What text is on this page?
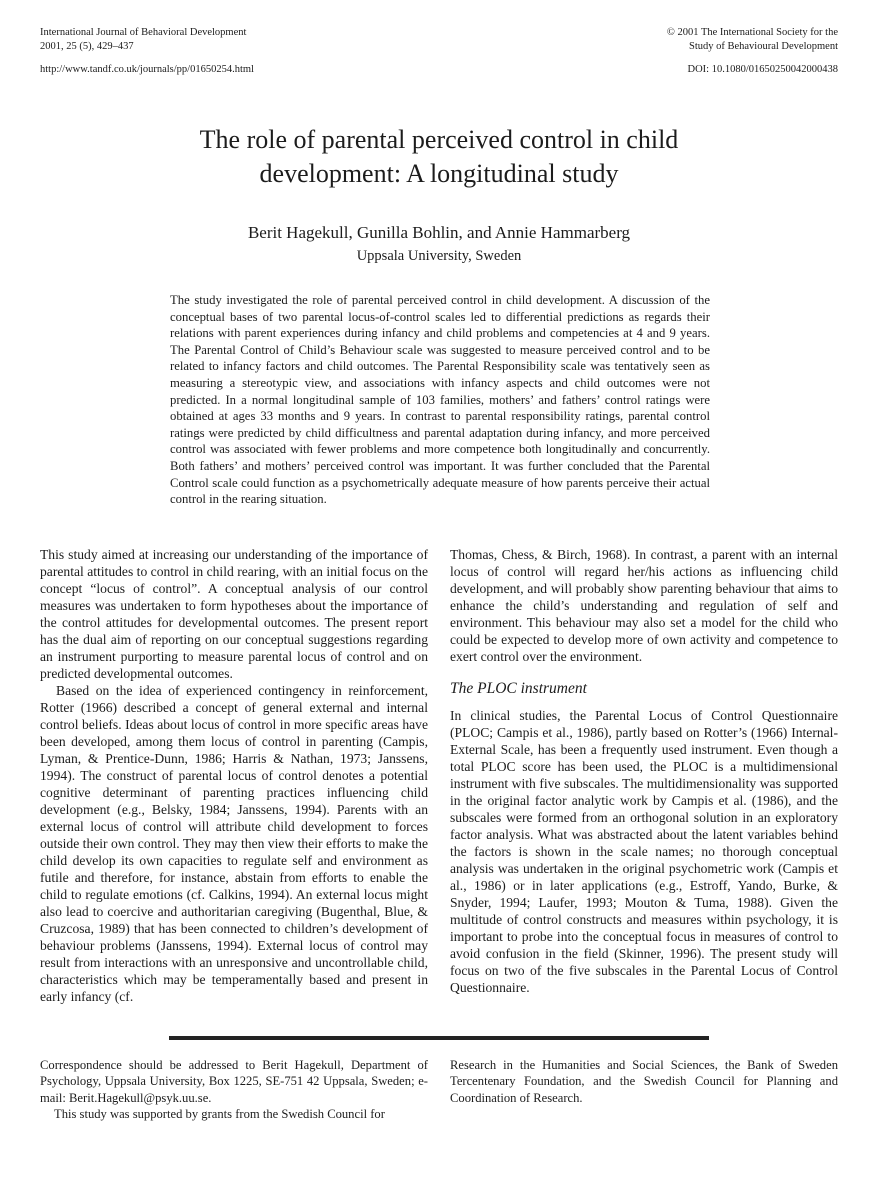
International Journal of Behavioral Development
2001, 25 (5), 429–437
http://www.tandf.co.uk/journals/pp/01650254.html
© 2001 The International Society for the
Study of Behavioural Development
DOI: 10.1080/01650250042000438
The role of parental perceived control in child development: A longitudinal study
Berit Hagekull, Gunilla Bohlin, and Annie Hammarberg
Uppsala University, Sweden
The study investigated the role of parental perceived control in child development. A discussion of the conceptual bases of two parental locus-of-control scales led to differential predictions as regards their relations with parent experiences during infancy and child problems and competencies at 4 and 9 years. The Parental Control of Child’s Behaviour scale was suggested to measure perceived control and to be related to infancy factors and child outcomes. The Parental Responsibility scale was tentatively seen as measuring a stereotypic view, and associations with infancy aspects and child outcomes were not predicted. In a normal longitudinal sample of 103 families, mothers’ and fathers’ control ratings were obtained at ages 33 months and 9 years. In contrast to parental responsibility ratings, parental control ratings were predicted by child difficultness and parental adaptation during infancy, and more perceived control was associated with fewer problems and more competence both longitudinally and concurrently. Both fathers’ and mothers’ perceived control was important. It was further concluded that the Parental Control scale could function as a psychometrically adequate measure of how parents perceive their actual control in the rearing situation.

This study aimed at increasing our understanding of the importance of parental attitudes to control in child rearing, with an initial focus on the concept “locus of control”. A conceptual analysis of our control measures was undertaken to form hypotheses about the importance of the control attitudes for developmental outcomes. The present report has the dual aim of reporting on our conceptual suggestions regarding an instrument purporting to measure parental locus of control and on predicted developmental outcomes.

Based on the idea of experienced contingency in reinforcement, Rotter (1966) described a concept of general external and internal control beliefs. Ideas about locus of control in more specific areas have been developed, among them locus of control in parenting (Campis, Lyman, & Prentice-Dunn, 1986; Harris & Nathan, 1973; Janssens, 1994). The construct of parental locus of control denotes a potential cognitive determinant of parenting practices influencing child development (e.g., Belsky, 1984; Janssens, 1994). Parents with an external locus of control will attribute child development to forces outside their own control. They may then view their efforts to make the child develop its own capacities to regulate self and environment as futile and therefore, for instance, abstain from efforts to enable the child to regulate emotions (cf. Calkins, 1994). An external locus might also lead to coercive and authoritarian caregiving (Bugenthal, Blue, & Cruzcosa, 1989) that has been connected to children’s development of behaviour problems (Janssens, 1994). External locus of control may result from interactions with an unresponsive and uncontrollable child, characteristics which may be temperamentally based and present in early infancy (cf.

Thomas, Chess, & Birch, 1968). In contrast, a parent with an internal locus of control will regard her/his actions as influencing child development, and will probably show parenting behaviour that aims to enhance the child’s understanding and regulation of self and environment. This behaviour may also set a model for the child who could be expected to develop more of own activity and competence to exert control over the environment.

The PLOC instrument

In clinical studies, the Parental Locus of Control Questionnaire (PLOC; Campis et al., 1986), partly based on Rotter’s (1966) Internal-External Scale, has been a frequently used instrument. Even though a total PLOC score has been used, the PLOC is a multidimensional instrument with five subscales. The multidimensionality was supported in the original factor analytic work by Campis et al. (1986), and the subscales were formed from an orthogonal solution in an exploratory factor analysis. What was abstracted about the latent variables behind the factors is shown in the scale names; no thorough conceptual analysis was undertaken in the original psychometric work (Campis et al., 1986) or in later applications (e.g., Estroff, Yando, Burke, & Snyder, 1994; Laufer, 1993; Mouton & Tuma, 1988). Given the multitude of control constructs and measures within psychology, it is important to probe into the conceptual focus in measures of control to avoid confusion in the field (Skinner, 1996). The present study will focus on two of the five subscales in the Parental Locus of Control Questionnaire.

Correspondence should be addressed to Berit Hagekull, Department of Psychology, Uppsala University, Box 1225, SE-751 42 Uppsala, Sweden; e-mail: Berit.Hagekull@psyk.uu.se.

This study was supported by grants from the Swedish Council for

Research in the Humanities and Social Sciences, the Bank of Sweden Tercentenary Foundation, and the Swedish Council for Planning and Coordination of Research.
